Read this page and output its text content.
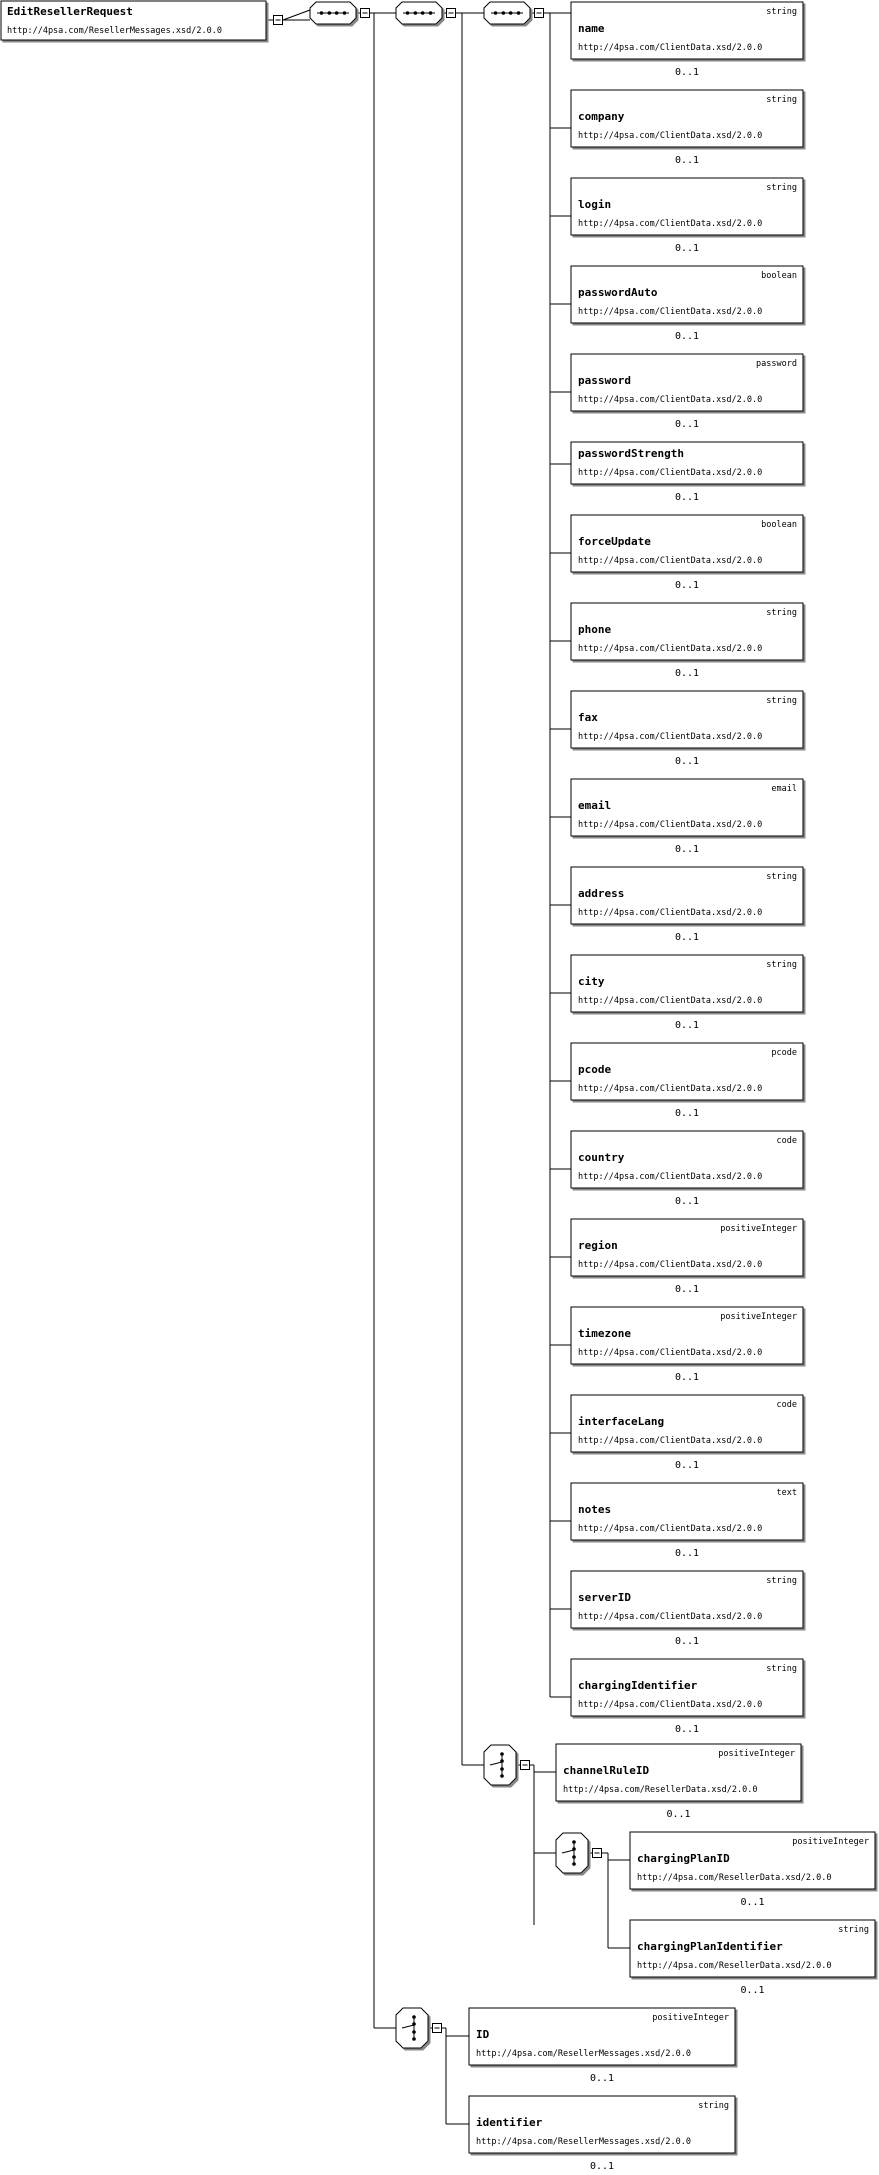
EditResellerRequest
http://4psa.com/ResellerMessages.xsd/2.0.0
string
name
http://4psa.com/ClientData.xsd/2.0.0
0..1
string
company
http://4psa.com/ClientData.xsd/2.0.0
0..1
string
login
http://4psa.com/ClientData.xsd/2.0.0
0..1
boolean
passwordAuto
http://4psa.com/ClientData.xsd/2.0.0
0..1
password
password
http://4psa.com/ClientData.xsd/2.0.0
0..1
passwordStrength
http://4psa.com/ClientData.xsd/2.0.0
0..1
boolean
forceUpdate
http://4psa.com/ClientData.xsd/2.0.0
0..1
string
phone
http://4psa.com/ClientData.xsd/2.0.0
0..1
string
fax
http://4psa.com/ClientData.xsd/2.0.0
0..1
email
email
http://4psa.com/ClientData.xsd/2.0.0
0..1
string
address
http://4psa.com/ClientData.xsd/2.0.0
0..1
string
city
http://4psa.com/ClientData.xsd/2.0.0
0..1
pcode
pcode
http://4psa.com/ClientData.xsd/2.0.0
0..1
code
country
http://4psa.com/ClientData.xsd/2.0.0
0..1
positiveInteger
region
http://4psa.com/ClientData.xsd/2.0.0
0..1
positiveInteger
timezone
http://4psa.com/ClientData.xsd/2.0.0
0..1
code
interfaceLang
http://4psa.com/ClientData.xsd/2.0.0
0..1
text
notes
http://4psa.com/ClientData.xsd/2.0.0
0..1
string
serverID
http://4psa.com/ClientData.xsd/2.0.0
0..1
string
chargingIdentifier
http://4psa.com/ClientData.xsd/2.0.0
0..1
positiveInteger
channelRuleID
http://4psa.com/ResellerData.xsd/2.0.0
0..1
positiveInteger
chargingPlanID
http://4psa.com/ResellerData.xsd/2.0.0
0..1
string
chargingPlanIdentifier
http://4psa.com/ResellerData.xsd/2.0.0
0..1
positiveInteger
ID
http://4psa.com/ResellerMessages.xsd/2.0.0
0..1
string
identifier
http://4psa.com/ResellerMessages.xsd/2.0.0
0..1
